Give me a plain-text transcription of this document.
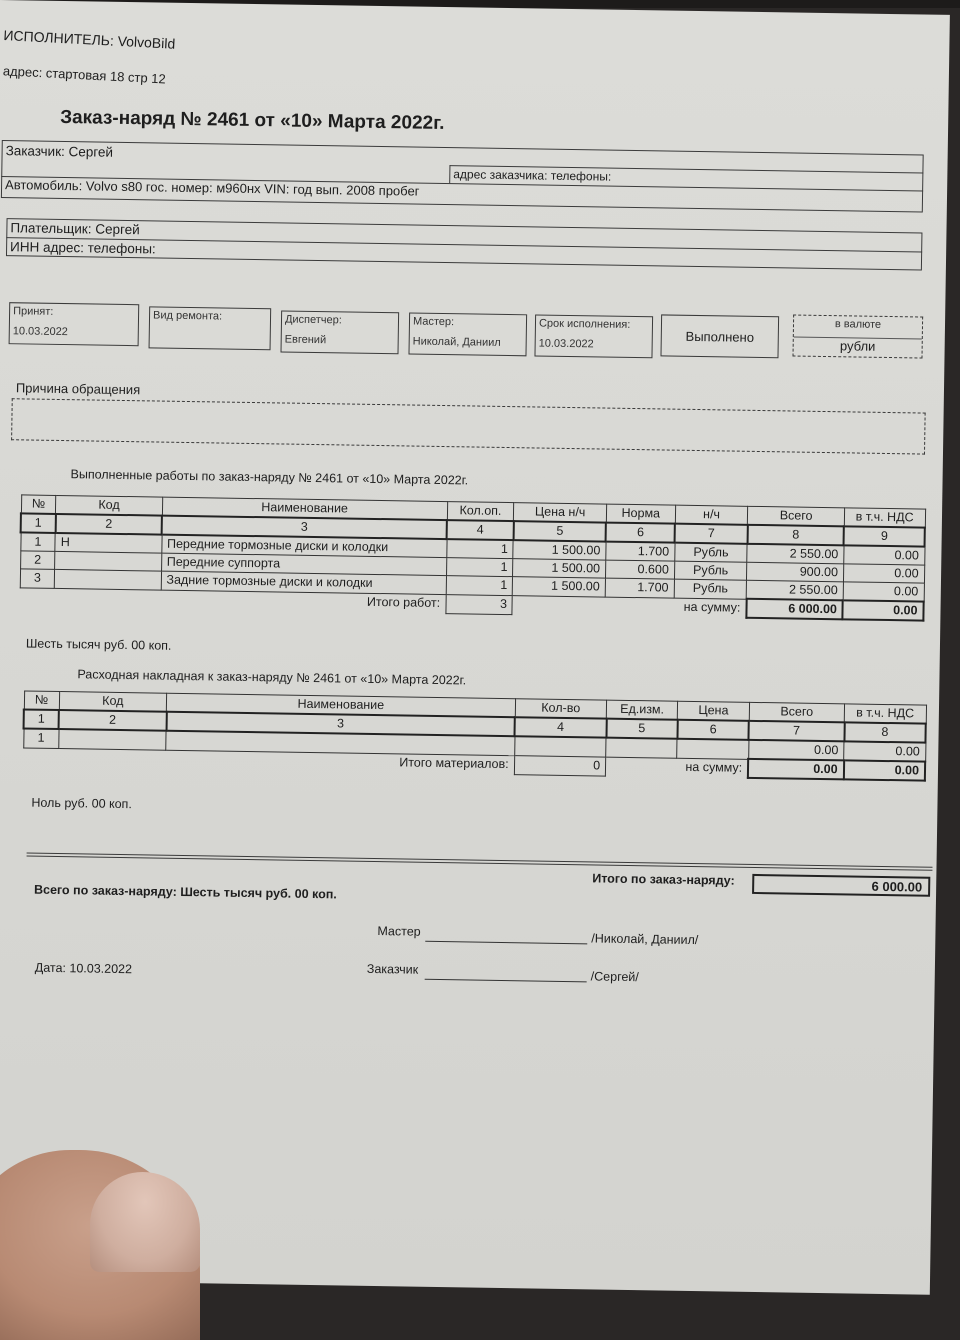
ИСПОЛНИТЕЛЬ: VolvoBild
адрес: стартовая 18 стр 12
Заказ-наряд № 2461 от «10» Марта 2022г.
Заказчик: Сергей
адрес заказчика: телефоны:
Автомобиль: Volvo s80 гос. номер: м960нх VIN: год вып. 2008 пробег
Плательщик: Сергей
ИНН адрес: телефоны:
Принят:
10.03.2022
Вид ремонта:	Диспетчер:
Евгений
Мастер:
Николай, Даниил
Срок исполнения:
10.03.2022	Выполнено
в валюте
рубли
Причина обращения
Выполненные работы по заказ-наряду № 2461 от «10» Марта 2022г.
№	Код	Наименование	Кол.оп.	Цена н/ч	Норма	н/ч	Всего	в т.ч. НДС
1	2	3	4	5	6	7	8	9
1	Н	Передние тормозные диски и колодки	1	1 500.00	1.700	Рубль	2 550.00	0.00
2		Передние суппорта	1	1 500.00	0.600	Рубль	900.00	0.00
3		Задние тормозные диски и колодки	1	1 500.00	1.700	Рубль	2 550.00	0.00
Итого работ:			3	на сумму:			6 000.00	0.00
Шесть тысяч руб. 00 коп.
Расходная накладная к заказ-наряду № 2461 от «10» Марта 2022г.
№	Код	Наименование	Кол-во	Ед.изм.	Цена	Всего	в т.ч. НДС
1	2	3	4	5	6	7	8
1						0.00	0.00
Итого материалов:			0	на сумму:		0.00	0.00
Ноль руб. 00 коп.
Итого по заказ-наряду:	6 000.00
Всего по заказ-наряду: Шесть тысяч руб. 00 коп.
Мастер
/Николай, Даниил/
Дата: 10.03.2022	Заказчик
/Сергей/
